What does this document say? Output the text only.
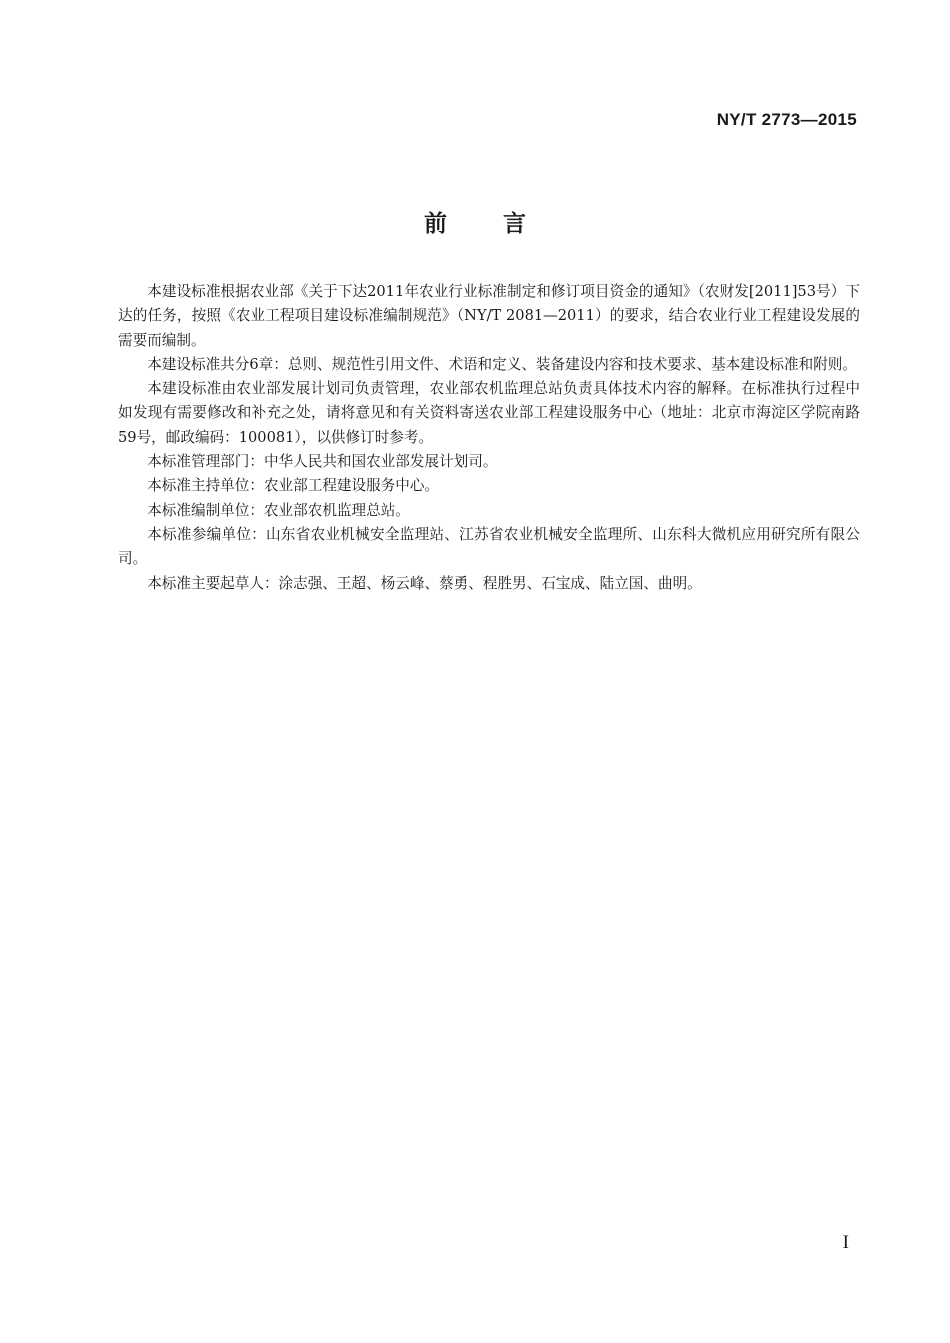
NY/T 2773—2015
前言

本建设标准根据农业部《关于下达2011年农业行业标准制定和修订项目资金的通知》（农财发[2011]53号）下达的任务，按照《农业工程项目建设标准编制规范》（NY/T 2081—2011）的要求，结合农业行业工程建设发展的需要而编制。

本建设标准共分6章：总则、规范性引用文件、术语和定义、装备建设内容和技术要求、基本建设标准和附则。

本建设标准由农业部发展计划司负责管理，农业部农机监理总站负责具体技术内容的解释。在标准执行过程中如发现有需要修改和补充之处，请将意见和有关资料寄送农业部工程建设服务中心（地址：北京市海淀区学院南路59号，邮政编码：100081），以供修订时参考。

本标准管理部门：中华人民共和国农业部发展计划司。

本标准主持单位：农业部工程建设服务中心。

本标准编制单位：农业部农机监理总站。

本标准参编单位：山东省农业机械安全监理站、江苏省农业机械安全监理所、山东科大微机应用研究所有限公司。

本标准主要起草人：涂志强、王超、杨云峰、蔡勇、程胜男、石宝成、陆立国、曲明。

I
